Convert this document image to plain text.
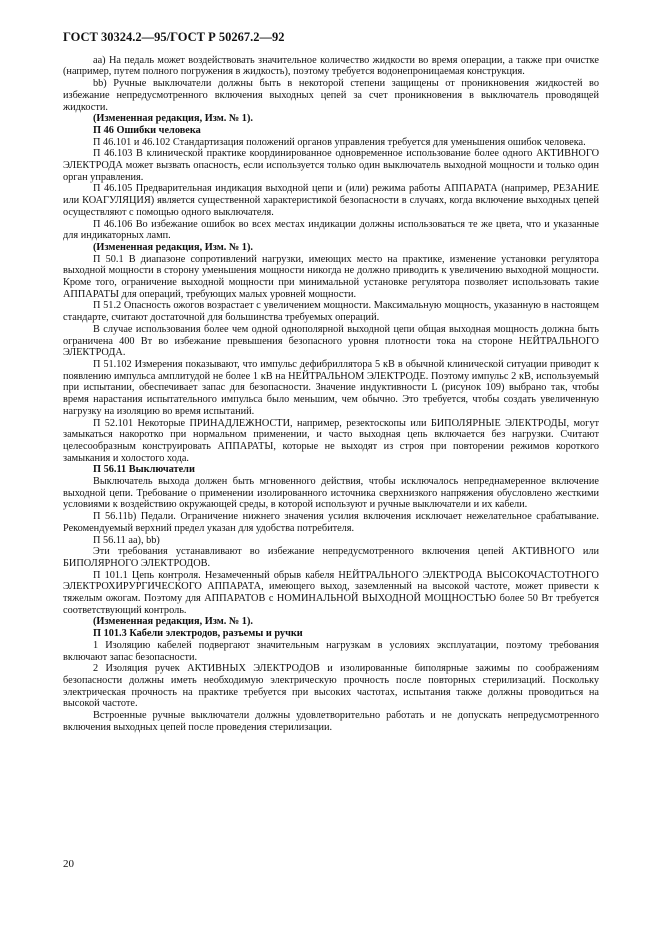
ГОСТ 30324.2—95/ГОСТ Р 50267.2—92

aa) На педаль может воздействовать значительное количество жидкости во время операции, а также при очистке (например, путем полного погружения в жидкость), поэтому требуется водонепроницаемая конструкция.

bb) Ручные выключатели должны быть в некоторой степени защищены от проникновения жидкостей во избежание непредусмотренного включения выходных цепей за счет проникновения в выключатель проводящей жидкости.

(Измененная редакция, Изм. № 1).

П 46 Ошибки человека

П 46.101 и 46.102 Стандартизация положений органов управления требуется для уменьшения ошибок человека.

П 46.103 В клинической практике координированное одновременное использование более одного АКТИВНОГО ЭЛЕКТРОДА может вызвать опасность, если используется только один выключатель выходной мощности и только один орган управления.

П 46.105 Предварительная индикация выходной цепи и (или) режима работы АППАРАТА (например, РЕЗАНИЕ или КОАГУЛЯЦИЯ) является существенной характеристикой безопасности в случаях, когда включение выходных цепей осуществляют с помощью одного выключателя.

П 46.106 Во избежание ошибок во всех местах индикации должны использоваться те же цвета, что и указанные для индикаторных ламп.

(Измененная редакция, Изм. № 1).

П 50.1 В диапазоне сопротивлений нагрузки, имеющих место на практике, изменение установки регулятора выходной мощности в сторону уменьшения мощности никогда не должно приводить к увеличению выходной мощности. Кроме того, ограничение выходной мощности при минимальной установке регулятора позволяет использовать такие АППАРАТЫ для операций, требующих малых уровней мощности.

П 51.2 Опасность ожогов возрастает с увеличением мощности. Максимальную мощность, указанную в настоящем стандарте, считают достаточной для большинства требуемых операций.

В случае использования более чем одной однополярной выходной цепи общая выходная мощность должна быть ограничена 400 Вт во избежание превышения безопасного уровня плотности тока на стороне НЕЙТРАЛЬНОГО ЭЛЕКТРОДА.

П 51.102 Измерения показывают, что импульс дефибриллятора 5 кВ в обычной клинической ситуации приводит к появлению импульса амплитудой не более 1 кВ на НЕЙТРАЛЬНОМ ЭЛЕКТРОДЕ. Поэтому импульс 2 кВ, используемый при испытании, обеспечивает запас для безопасности. Значение индуктивности L (рисунок 109) выбрано так, чтобы время нарастания испытательного импульса было меньшим, чем обычно. Это требуется, чтобы создать увеличенную нагрузку на изоляцию во время испытаний.

П 52.101 Некоторые ПРИНАДЛЕЖНОСТИ, например, резектоскопы или БИПОЛЯРНЫЕ ЭЛЕКТРОДЫ, могут замыкаться накоротко при нормальном применении, и часто выходная цепь включается без нагрузки. Считают целесообразным конструировать АППАРАТЫ, которые не выходят из строя при повторении режимов короткого замыкания и холостого хода.

П 56.11 Выключатели

Выключатель выхода должен быть мгновенного действия, чтобы исключалось непреднамеренное включение выходной цепи. Требование о применении изолированного источника сверхнизкого напряжения обусловлено жесткими условиями к воздействию окружающей среды, в которой используют и ручные выключатели и их кабели.

П 56.11b) Педали. Ограничение нижнего значения усилия включения исключает нежелательное срабатывание. Рекомендуемый верхний предел указан для удобства потребителя.

П 56.11 aa), bb)

Эти требования устанавливают во избежание непредусмотренного включения цепей АКТИВНОГО или БИПОЛЯРНОГО ЭЛЕКТРОДОВ.

П 101.1 Цепь контроля. Незамеченный обрыв кабеля НЕЙТРАЛЬНОГО ЭЛЕКТРОДА ВЫСОКОЧАСТОТНОГО ЭЛЕКТРОХИРУРГИЧЕСКОГО АППАРАТА, имеющего выход, заземленный на высокой частоте, может привести к тяжелым ожогам. Поэтому для АППАРАТОВ с НОМИНАЛЬНОЙ ВЫХОДНОЙ МОЩНОСТЬЮ более 50 Вт требуется соответствующий контроль.

(Измененная редакция, Изм. № 1).

П 101.3 Кабели электродов, разъемы и ручки

1 Изоляцию кабелей подвергают значительным нагрузкам в условиях эксплуатации, поэтому требования включают запас безопасности.

2 Изоляция ручек АКТИВНЫХ ЭЛЕКТРОДОВ и изолированные биполярные зажимы по соображениям безопасности должны иметь необходимую электрическую прочность после повторных стерилизаций. Поскольку электрическая прочность на практике требуется при высоких частотах, испытания также должны проводиться на высокой частоте.

Встроенные ручные выключатели должны удовлетворительно работать и не допускать непредусмотренного включения выходных цепей после проведения стерилизации.

20
